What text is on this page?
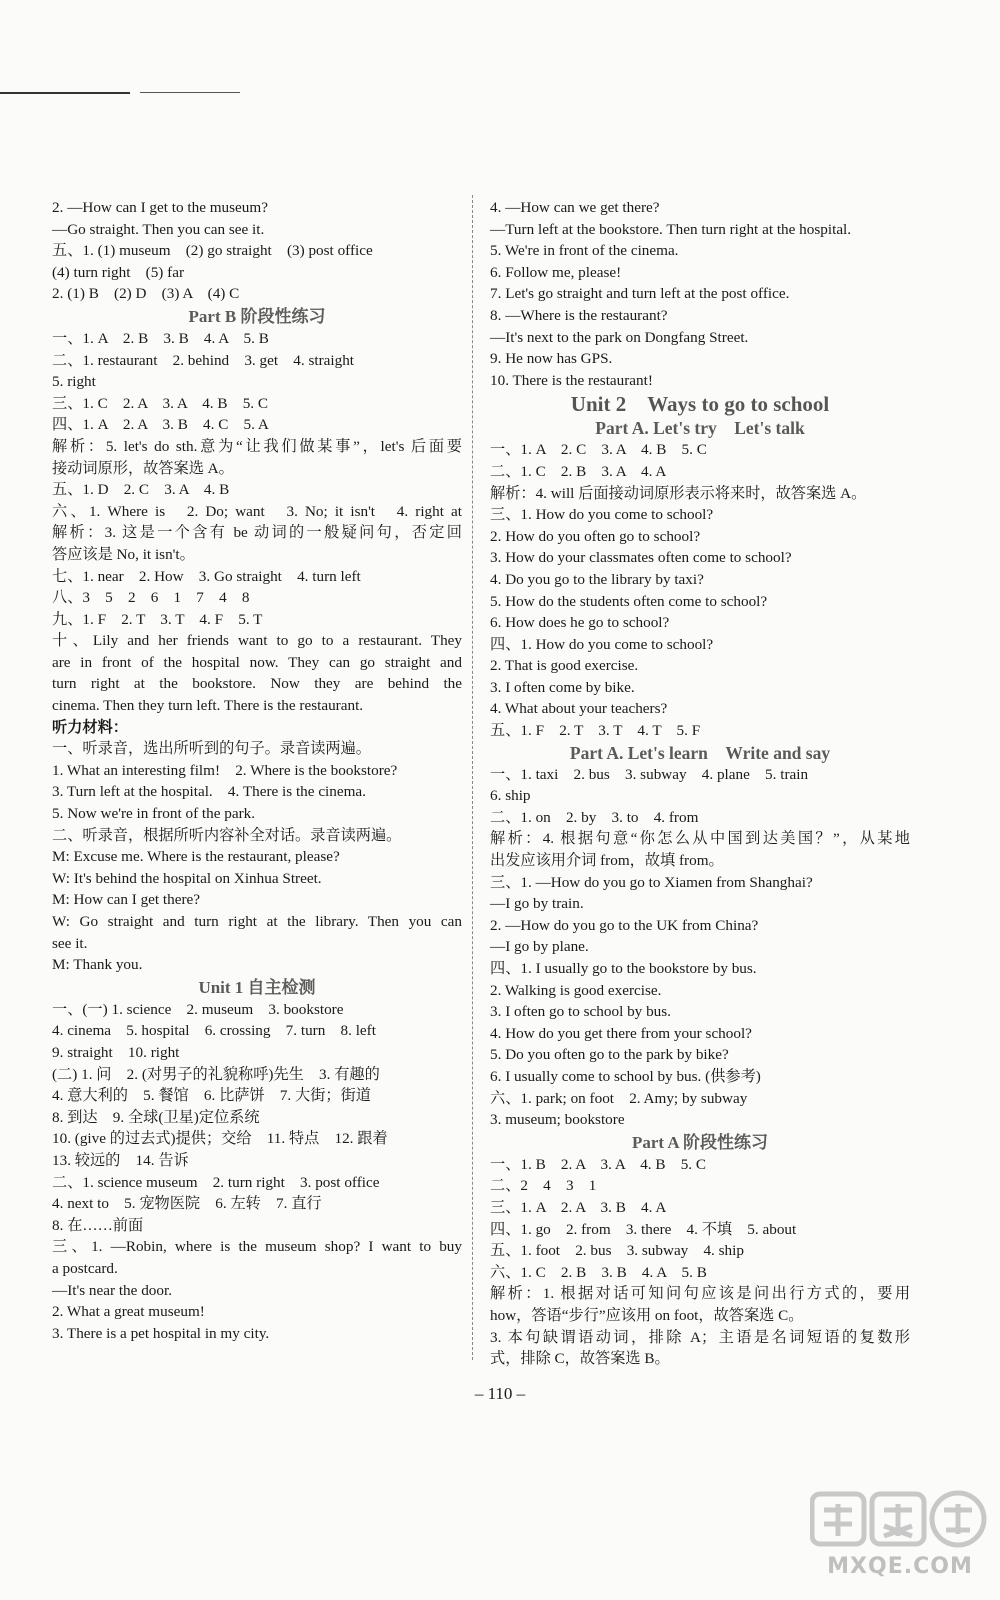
2. —How can I get to the museum?
—Go straight. Then you can see it.
五、1. (1) museum　(2) go straight　(3) post office
(4) turn right　(5) far
2. (1) B　(2) D　(3) A　(4) C
Part B 阶段性练习
一、1. A　2. B　3. B　4. A　5. B
二、1. restaurant　2. behind　3. get　4. straight
5. right
三、1. C　2. A　3. A　4. B　5. C
四、1. A　2. A　3. B　4. C　5. A
解析：5. let's do sth.意为“让我们做某事”，let's 后面要
接动词原形，故答案选 A。
五、1. D　2. C　3. A　4. B
六、1. Where is　2. Do; want　3. No; it isn't　4. right at
解析：3. 这是一个含有 be 动词的一般疑问句，否定回
答应该是 No, it isn't。
七、1. near　2. How　3. Go straight　4. turn left
八、3　5　2　6　1　7　4　8
九、1. F　2. T　3. T　4. F　5. T
十、Lily and her friends want to go to a restaurant. They
are in front of the hospital now. They can go straight and
turn right at the bookstore. Now they are behind the
cinema. Then they turn left. There is the restaurant.
听力材料：
一、听录音，选出所听到的句子。录音读两遍。
1. What an interesting film!　2. Where is the bookstore?
3. Turn left at the hospital.　4. There is the cinema.
5. Now we're in front of the park.
二、听录音，根据所听内容补全对话。录音读两遍。
M: Excuse me. Where is the restaurant, please?
W: It's behind the hospital on Xinhua Street.
M: How can I get there?
W: Go straight and turn right at the library. Then you can
see it.
M: Thank you.
Unit 1 自主检测
一、(一) 1. science　2. museum　3. bookstore
4. cinema　5. hospital　6. crossing　7. turn　8. left
9. straight　10. right
(二) 1. 问　2. (对男子的礼貌称呼)先生　3. 有趣的
4. 意大利的　5. 餐馆　6. 比萨饼　7. 大街；街道
8. 到达　9. 全球(卫星)定位系统
10. (give 的过去式)提供；交给　11. 特点　12. 跟着
13. 较远的　14. 告诉
二、1. science museum　2. turn right　3. post office
4. next to　5. 宠物医院　6. 左转　7. 直行
8. 在……前面
三、1. —Robin, where is the museum shop? I want to buy
a postcard.
—It's near the door.
2. What a great museum!
3. There is a pet hospital in my city.
4. —How can we get there?
—Turn left at the bookstore. Then turn right at the hospital.
5. We're in front of the cinema.
6. Follow me, please!
7. Let's go straight and turn left at the post office.
8. —Where is the restaurant?
—It's next to the park on Dongfang Street.
9. He now has GPS.
10. There is the restaurant!
Unit 2　Ways to go to school
Part A. Let's try　Let's talk
一、1. A　2. C　3. A　4. B　5. C
二、1. C　2. B　3. A　4. A
解析：4. will 后面接动词原形表示将来时，故答案选 A。
三、1. How do you come to school?
2. How do you often go to school?
3. How do your classmates often come to school?
4. Do you go to the library by taxi?
5. How do the students often come to school?
6. How does he go to school?
四、1. How do you come to school?
2. That is good exercise.
3. I often come by bike.
4. What about your teachers?
五、1. F　2. T　3. T　4. T　5. F
Part A. Let's learn　Write and say
一、1. taxi　2. bus　3. subway　4. plane　5. train
6. ship
二、1. on　2. by　3. to　4. from
解析：4. 根据句意“你怎么从中国到达美国？”，从某地
出发应该用介词 from，故填 from。
三、1. —How do you go to Xiamen from Shanghai?
—I go by train.
2. —How do you go to the UK from China?
—I go by plane.
四、1. I usually go to the bookstore by bus.
2. Walking is good exercise.
3. I often go to school by bus.
4. How do you get there from your school?
5. Do you often go to the park by bike?
6. I usually come to school by bus. (供参考)
六、1. park; on foot　2. Amy; by subway
3. museum; bookstore
Part A 阶段性练习
一、1. B　2. A　3. A　4. B　5. C
二、2　4　3　1
三、1. A　2. A　3. B　4. A
四、1. go　2. from　3. there　4. 不填　5. about
五、1. foot　2. bus　3. subway　4. ship
六、1. C　2. B　3. B　4. A　5. B
解析：1. 根据对话可知问句应该是问出行方式的，要用
how，答语“步行”应该用 on foot，故答案选 C。
3. 本句缺谓语动词，排除 A；主语是名词短语的复数形
式，排除 C，故答案选 B。
– 110 –
MXQE.COM
